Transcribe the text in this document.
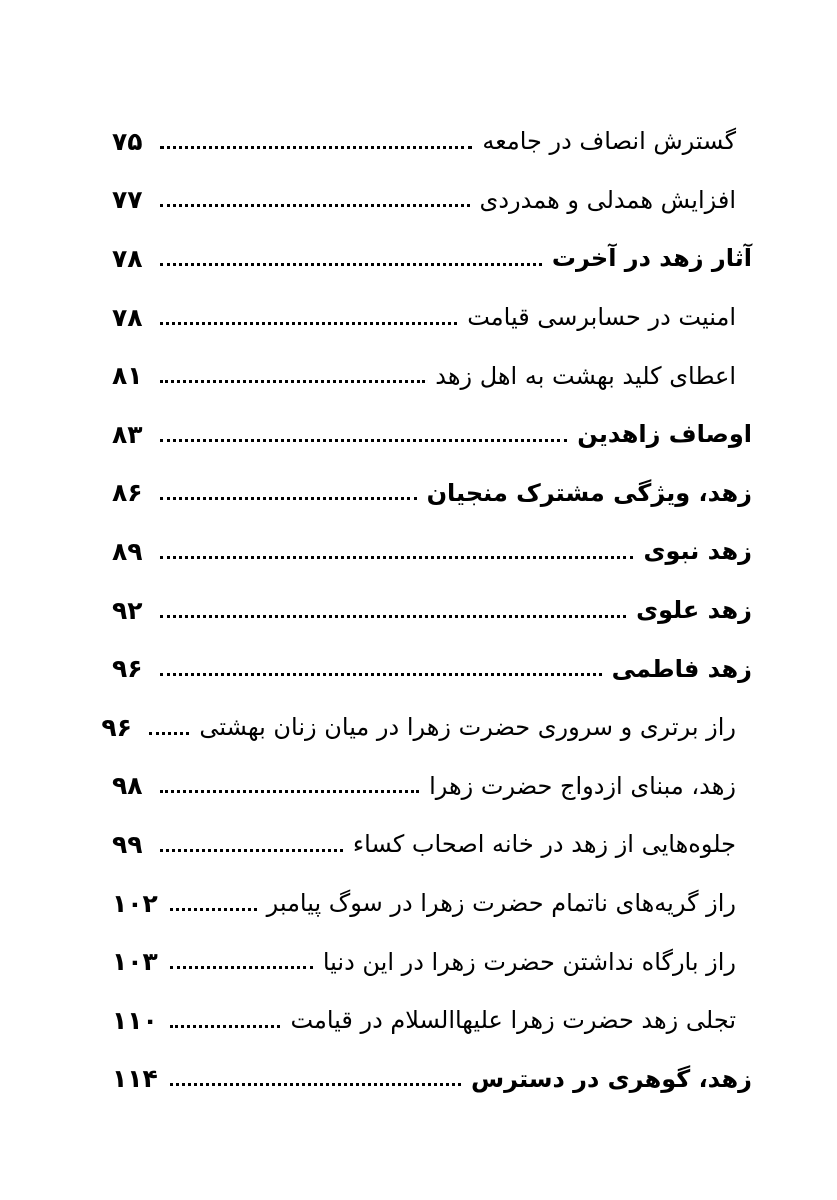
گسترش انصاف در جامعه
۷۵
افزایش همدلی و همدردی
۷۷
آثار زهد در آخرت
۷۸
امنیت در حسابرسی قیامت
۷۸
اعطای کلید بهشت به اهل زهد
۸۱
اوصاف زاهدین
۸۳
زهد، ویژگی مشترک منجیان
۸۶
زهد نبوی
۸۹
زهد علوی
۹۲
زهد فاطمی
۹۶
راز برتری و سروری حضرت زهرا در میان زنان بهشتی
۹۶
زهد، مبنای ازدواج حضرت زهرا
۹۸
جلوه‌هایی از زهد در خانه اصحاب کساء
۹۹
راز گریه‌های ناتمام حضرت زهرا در سوگ پیامبر
۱۰۲
راز بارگاه نداشتن حضرت زهرا در این دنیا
۱۰۳
تجلی زهد حضرت زهرا عليها‌السلام در قیامت
۱۱۰
زهد، گوهری در دسترس
۱۱۴
